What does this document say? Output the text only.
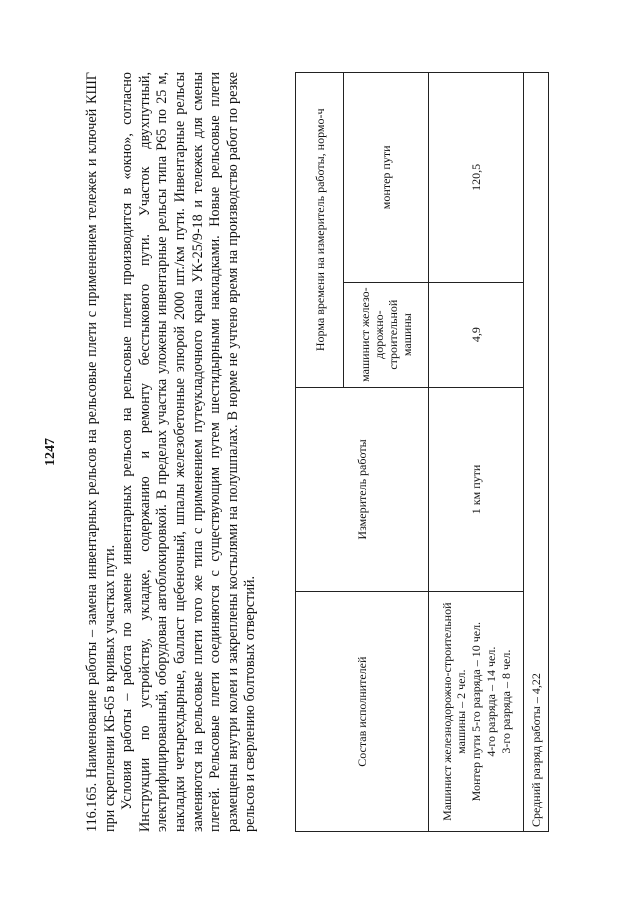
1247 116.165. Наименование работы – замена инвентарных рельсов на рельсовые плети с применением тележек и ключей КШГ при скреплении КБ-65 в кривых участках пути. Условия работы – работа по замене инвентарных рельсов на рельсовые плети производится в «окно», согласно Инструкции по устройству, укладке, содержанию и ремонту бесстыкового пути. Участок двухпутный, электрифицированный, оборудован автоблокировкой. В пределах участка уложены инвентарные рельсы типа Р65 по 25 м, накладки четырехдырные, балласт щебеночный, шпалы железобетонные эпюрой 2000 шт./км пути. Инвентарные рельсы заменяются на рельсовые плети того же типа с применением путеукладочного крана УК-25/9-18 и тележек для смены плетей. Рельсовые плети соединяются с существующим путем шестидырными накладками. Новые рельсовые плети размещены внутри колеи и закреплены костылями на полушпалах. В норме не учтено время на производство работ по резке рельсов и сверлению болтовых отверстий.	Состав исполнителей	Измеритель работы	Норма времени на измеритель работы, нормо-ч	
		машинист железо-дорожно-строительной машины	монтер пути

Машинист железнодорожно-строительной машины – 2 чел. Монтер пути 5-го разряда – 10 чел. 4-го разряда – 14 чел. 3-го разряда – 8 чел.	1 км пути	4,9	120,5
Средний разряд работы – 4,22			
